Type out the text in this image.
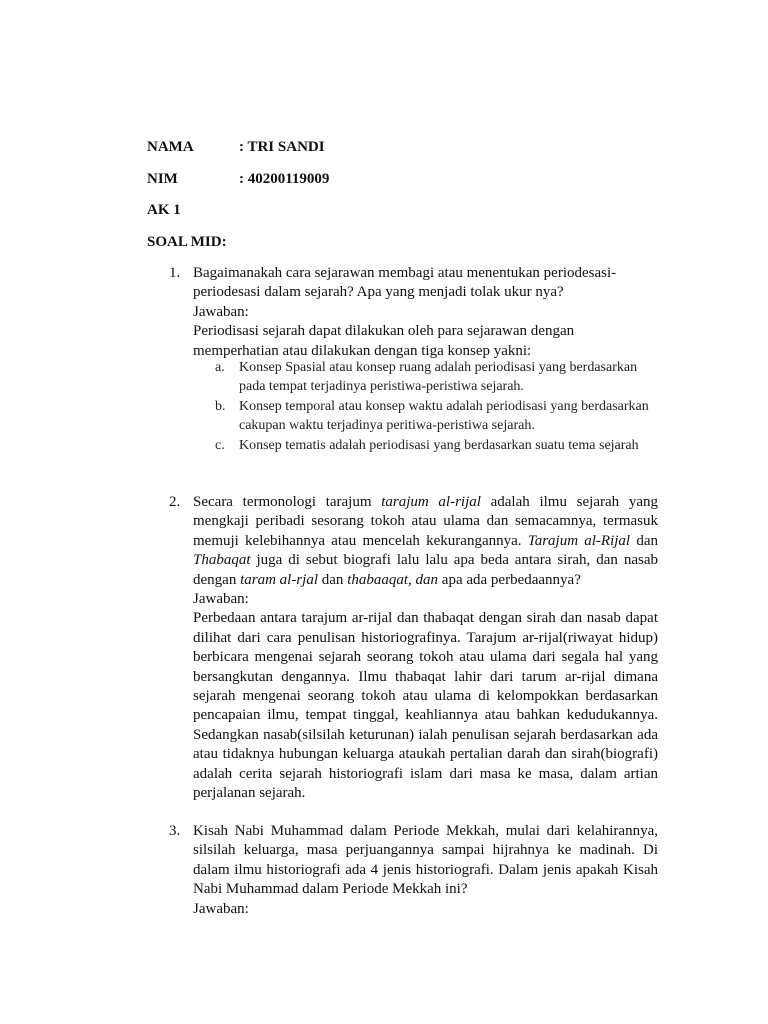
NAMA	: TRI SANDI
NIM	: 40200119009
AK 1
SOAL MID:
1. Bagaimanakah cara sejarawan membagi atau menentukan periodesasi-periodesasi dalam sejarah? Apa yang menjadi tolak ukur nya?

Jawaban:

Periodisasi sejarah dapat dilakukan oleh para sejarawan dengan memperhatian atau dilakukan dengan tiga konsep yakni:

a. Konsep Spasial atau konsep ruang adalah periodisasi yang berdasarkan pada tempat terjadinya peristiwa-peristiwa sejarah.
b. Konsep temporal atau konsep waktu adalah periodisasi yang berdasarkan cakupan waktu terjadinya peritiwa-peristiwa sejarah.
c. Konsep tematis adalah periodisasi yang berdasarkan suatu tema sejarah
2. Secara termonologi tarajum tarajum al-rijal adalah ilmu sejarah yang mengkaji peribadi sesorang tokoh atau ulama dan semacamnya, termasuk memuji kelebihannya atau mencelah kekurangannya. Tarajum al-Rijal dan Thabaqat juga di sebut biografi lalu lalu apa beda antara sirah, dan nasab dengan taram al-rjal dan thabaaqat, dan apa ada perbedaannya?

Jawaban:

Perbedaan antara tarajum ar-rijal dan thabaqat dengan sirah dan nasab dapat dilihat dari cara penulisan historiografinya. Tarajum ar-rijal(riwayat hidup) berbicara mengenai sejarah seorang tokoh atau ulama dari segala hal yang bersangkutan dengannya. Ilmu thabaqat lahir dari tarum ar-rijal dimana sejarah mengenai seorang tokoh atau ulama di kelompokkan berdasarkan pencapaian ilmu, tempat tinggal, keahliannya atau bahkan kedudukannya. Sedangkan nasab(silsilah keturunan) ialah penulisan sejarah berdasarkan ada atau tidaknya hubungan keluarga ataukah pertalian darah dan sirah(biografi) adalah cerita sejarah historiografi islam dari masa ke masa, dalam artian perjalanan sejarah.

3. Kisah Nabi Muhammad dalam Periode Mekkah, mulai dari kelahirannya, silsilah keluarga, masa perjuangannya sampai hijrahnya ke madinah. Di dalam ilmu historiografi ada 4 jenis historiografi. Dalam jenis apakah Kisah Nabi Muhammad dalam Periode Mekkah ini?

Jawaban:
